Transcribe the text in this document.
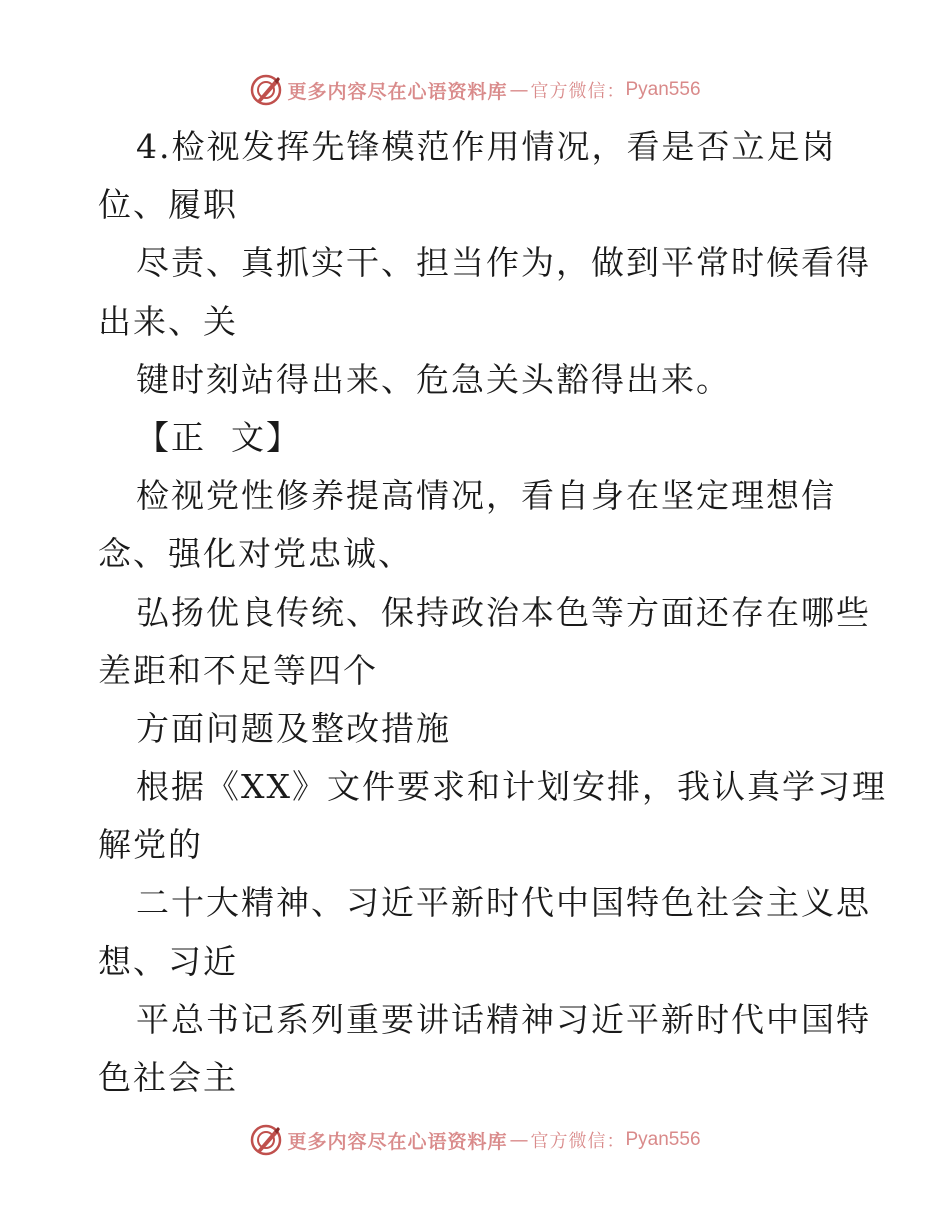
更多内容尽在心语资料库 — 官方微信： Pyan556
4.检视发挥先锋模范作用情况，看是否立足岗
位、履职
尽责、真抓实干、担当作为，做到平常时候看得
出来、关
键时刻站得出来、危急关头豁得出来。
【正  文】
检视党性修养提高情况，看自身在坚定理想信
念、强化对党忠诚、
弘扬优良传统、保持政治本色等方面还存在哪些
差距和不足等四个
方面问题及整改措施
根据《XX》文件要求和计划安排，我认真学习理
解党的
二十大精神、习近平新时代中国特色社会主义思
想、习近
平总书记系列重要讲话精神习近平新时代中国特
色社会主
更多内容尽在心语资料库 — 官方微信： Pyan556
